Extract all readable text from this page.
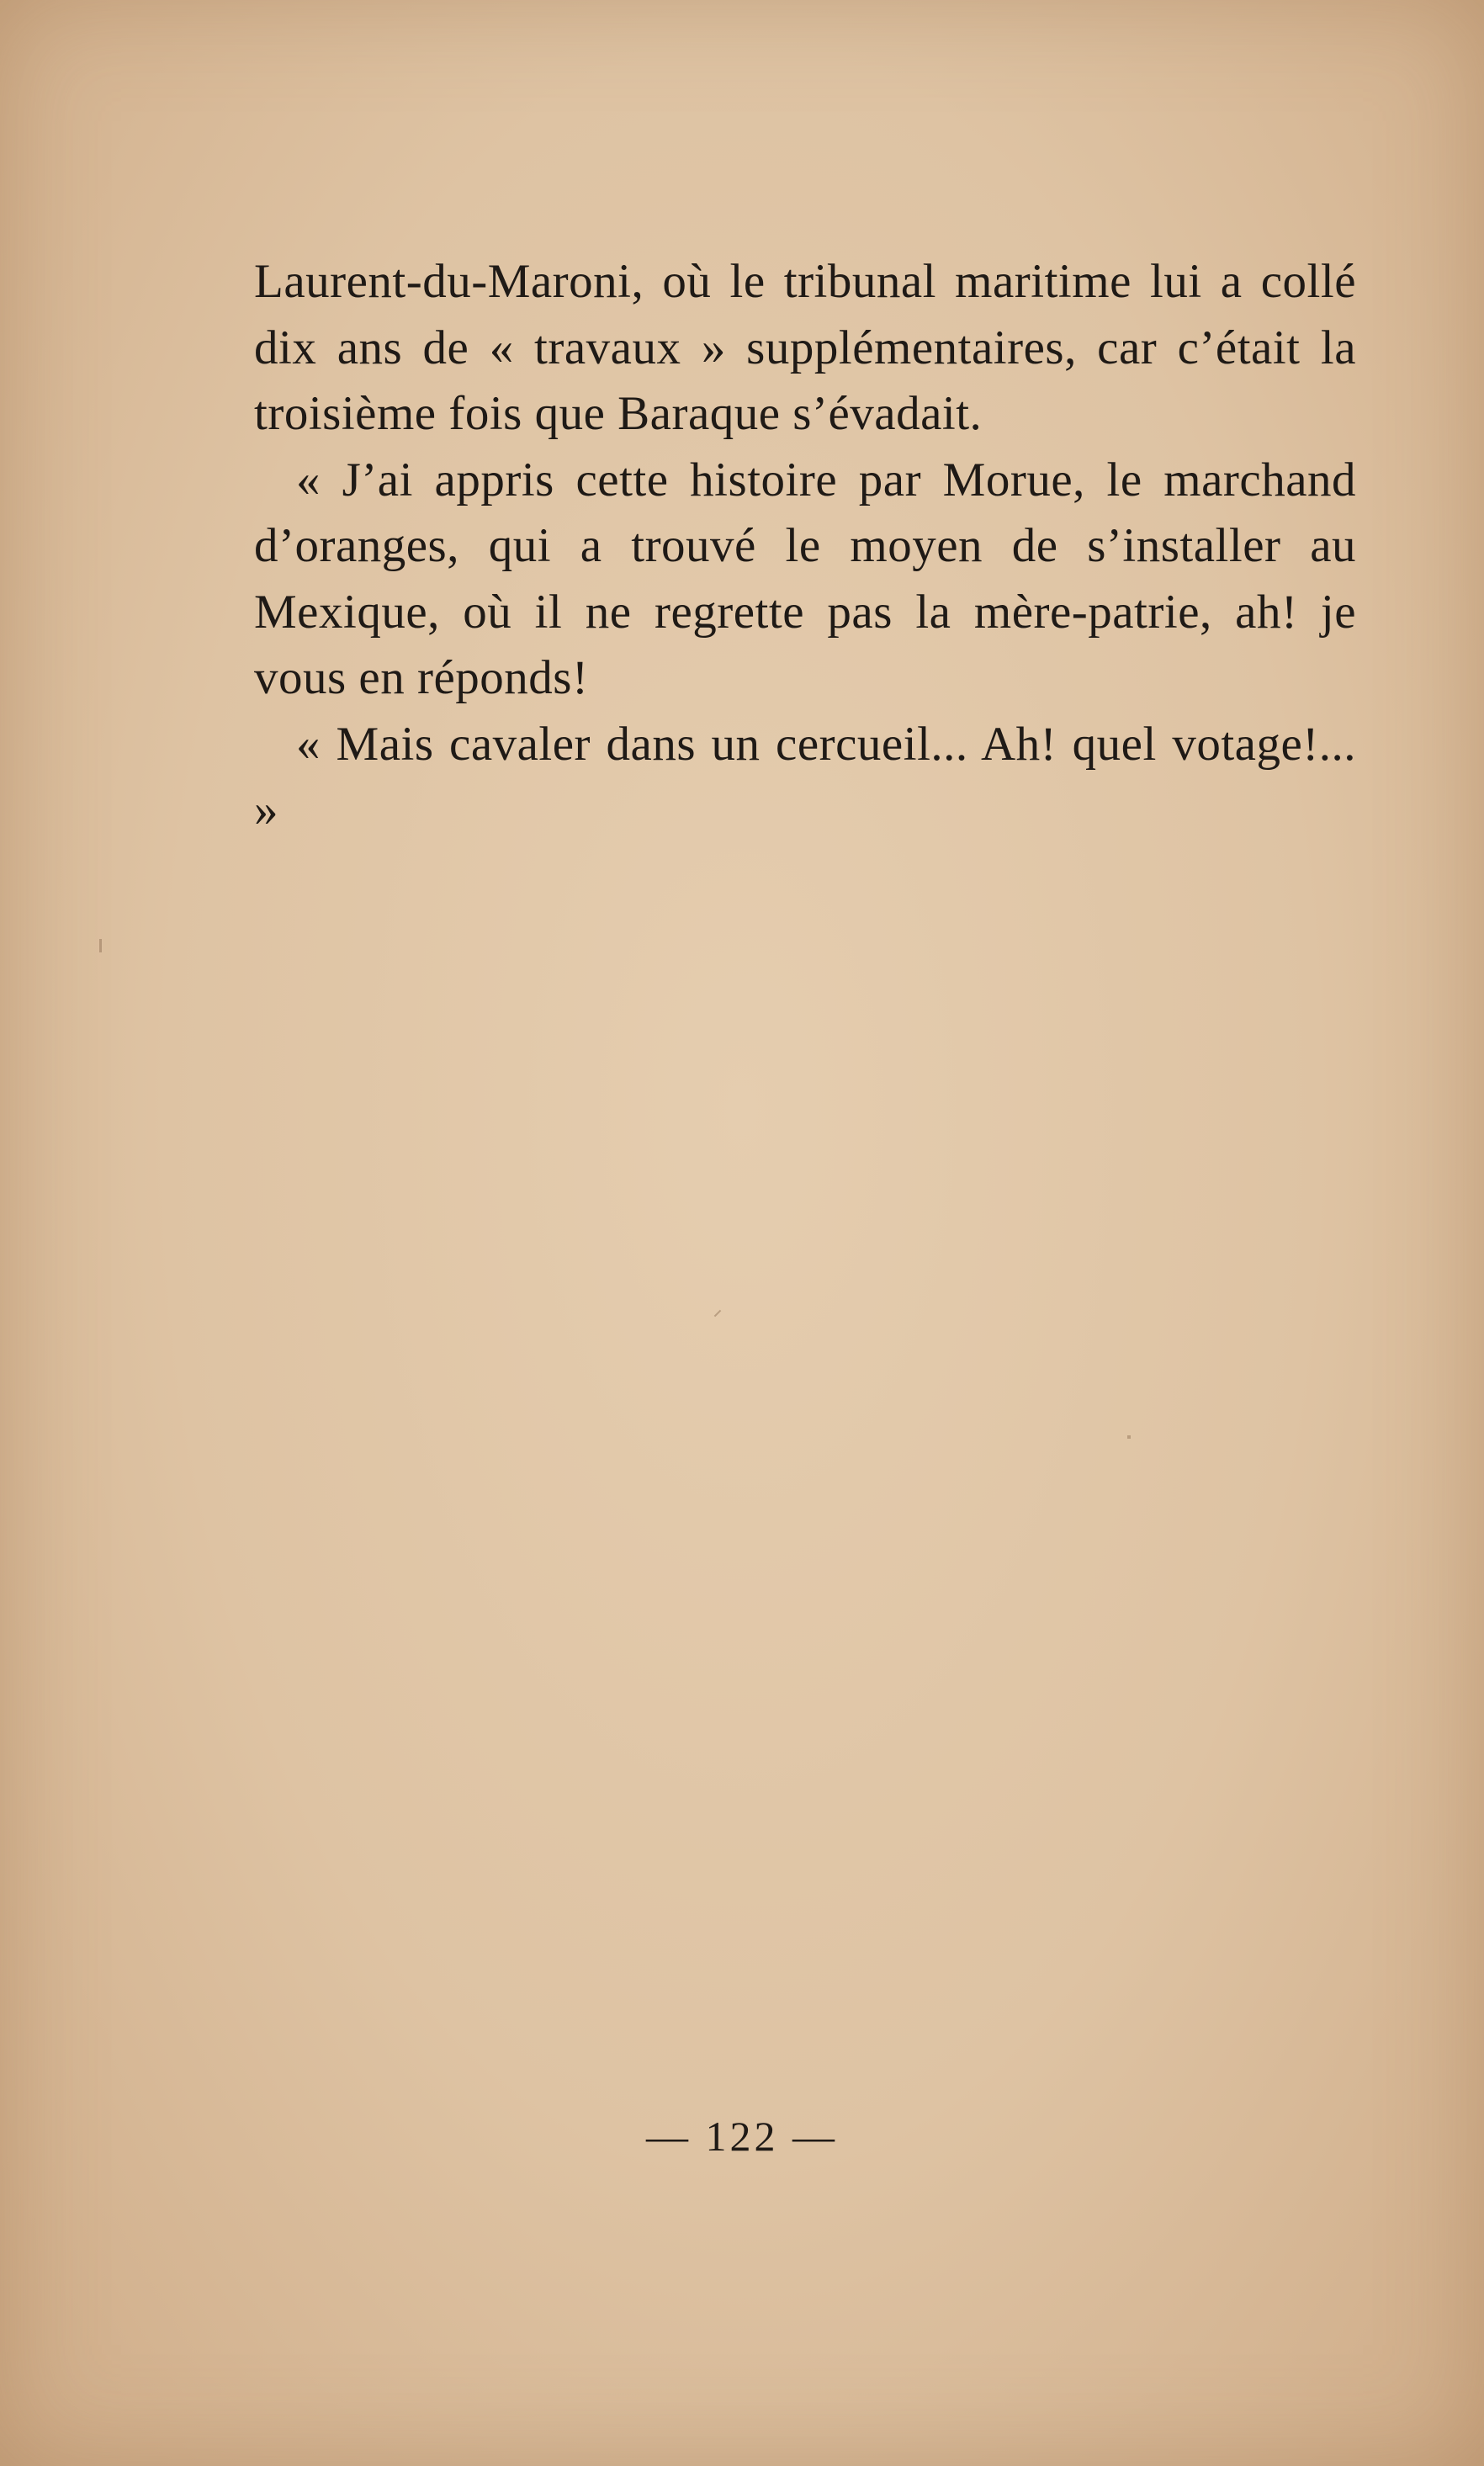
Laurent-du-Maroni, où le tribunal maritime lui a collé dix ans de « travaux » supplémentaires, car c’était la troisième fois que Baraque s’évadait.

« J’ai appris cette histoire par Morue, le marchand d’oranges, qui a trouvé le moyen de s’installer au Mexique, où il ne regrette pas la mère-patrie, ah! je vous en réponds!

« Mais cavaler dans un cercueil... Ah! quel votage!... »

— 122 —
